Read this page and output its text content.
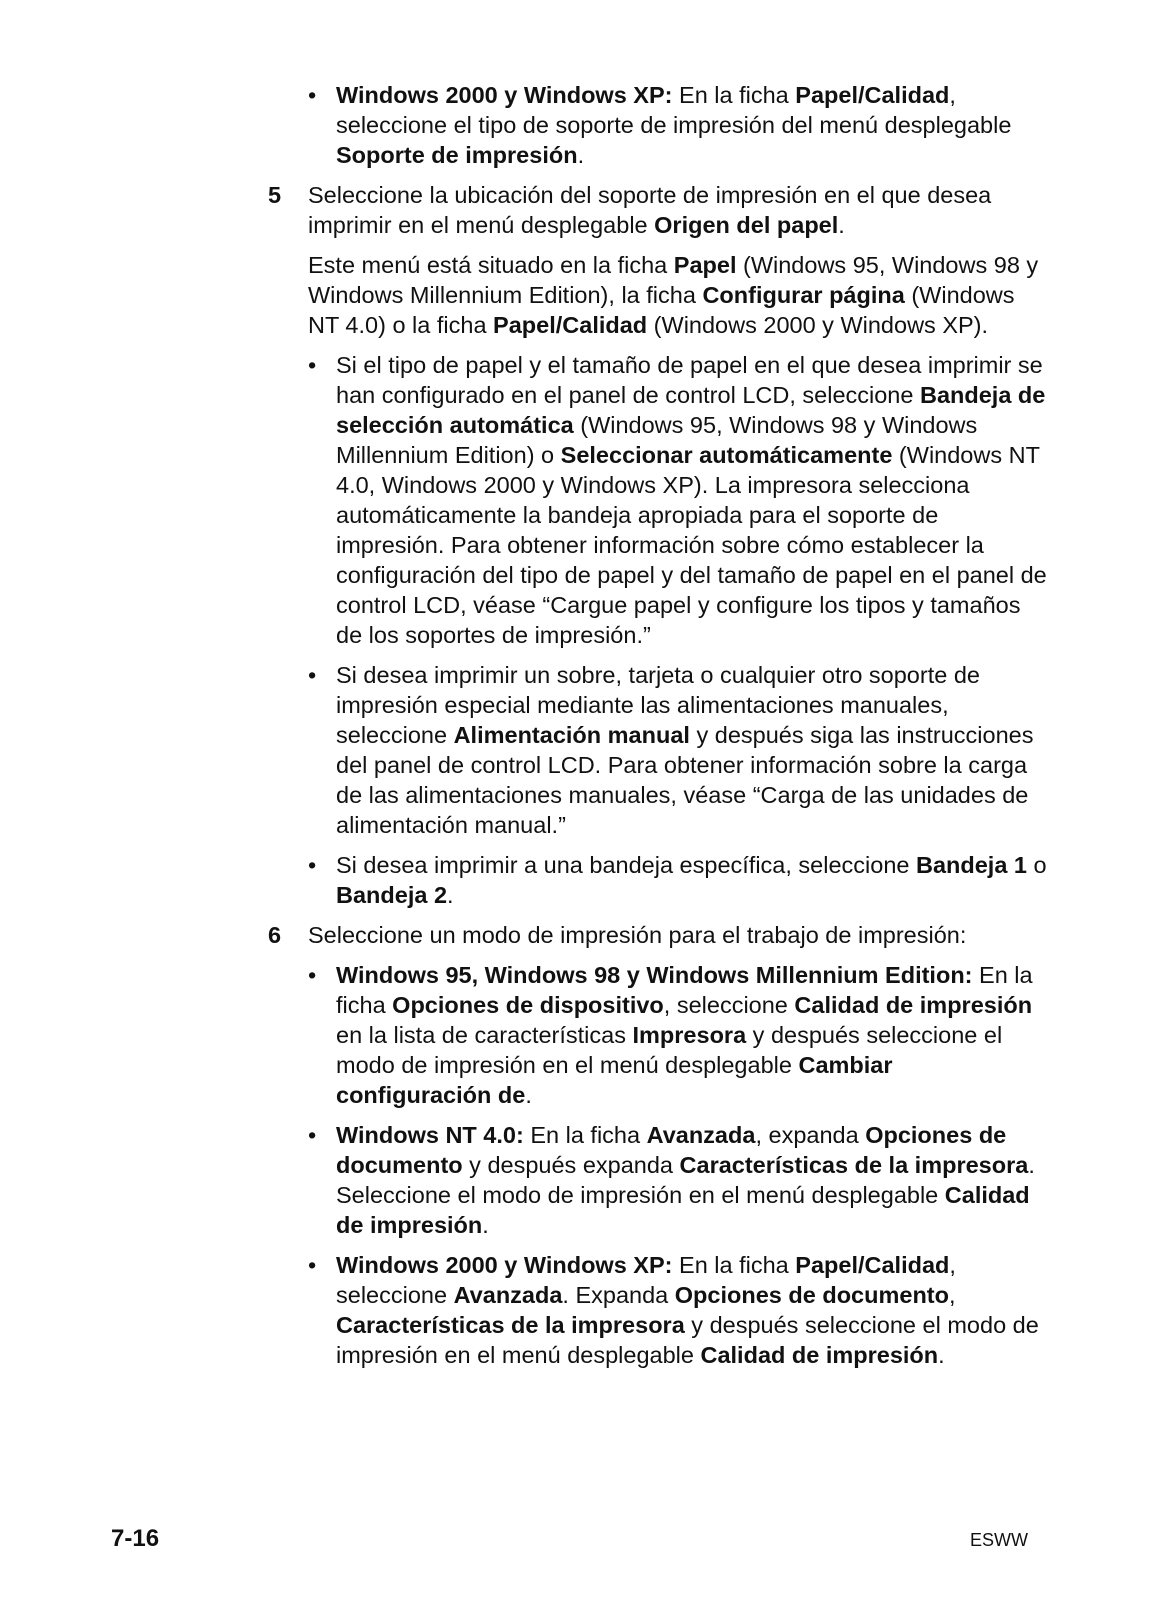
• Windows 2000 y Windows XP: En la ficha Papel/Calidad, seleccione el tipo de soporte de impresión del menú desplegable Soporte de impresión.
5 Seleccione la ubicación del soporte de impresión en el que desea imprimir en el menú desplegable Origen del papel.
Este menú está situado en la ficha Papel (Windows 95, Windows 98 y Windows Millennium Edition), la ficha Configurar página (Windows NT 4.0) o la ficha Papel/Calidad (Windows 2000 y Windows XP).
• Si el tipo de papel y el tamaño de papel en el que desea imprimir se han configurado en el panel de control LCD, seleccione Bandeja de selección automática (Windows 95, Windows 98 y Windows Millennium Edition) o Seleccionar automáticamente (Windows NT 4.0, Windows 2000 y Windows XP). La impresora selecciona automáticamente la bandeja apropiada para el soporte de impresión. Para obtener información sobre cómo establecer la configuración del tipo de papel y del tamaño de papel en el panel de control LCD, véase “Cargue papel y configure los tipos y tamaños de los soportes de impresión.”
• Si desea imprimir un sobre, tarjeta o cualquier otro soporte de impresión especial mediante las alimentaciones manuales, seleccione Alimentación manual y después siga las instrucciones del panel de control LCD. Para obtener información sobre la carga de las alimentaciones manuales, véase “Carga de las unidades de alimentación manual.”
• Si desea imprimir a una bandeja específica, seleccione Bandeja 1 o Bandeja 2.
6 Seleccione un modo de impresión para el trabajo de impresión:
• Windows 95, Windows 98 y Windows Millennium Edition: En la ficha Opciones de dispositivo, seleccione Calidad de impresión en la lista de características Impresora y después seleccione el modo de impresión en el menú desplegable Cambiar configuración de.
• Windows NT 4.0: En la ficha Avanzada, expanda Opciones de documento y después expanda Características de la impresora. Seleccione el modo de impresión en el menú desplegable Calidad de impresión.
• Windows 2000 y Windows XP: En la ficha Papel/Calidad, seleccione Avanzada. Expanda Opciones de documento, Características de la impresora y después seleccione el modo de impresión en el menú desplegable Calidad de impresión.
7-16	ESWW
